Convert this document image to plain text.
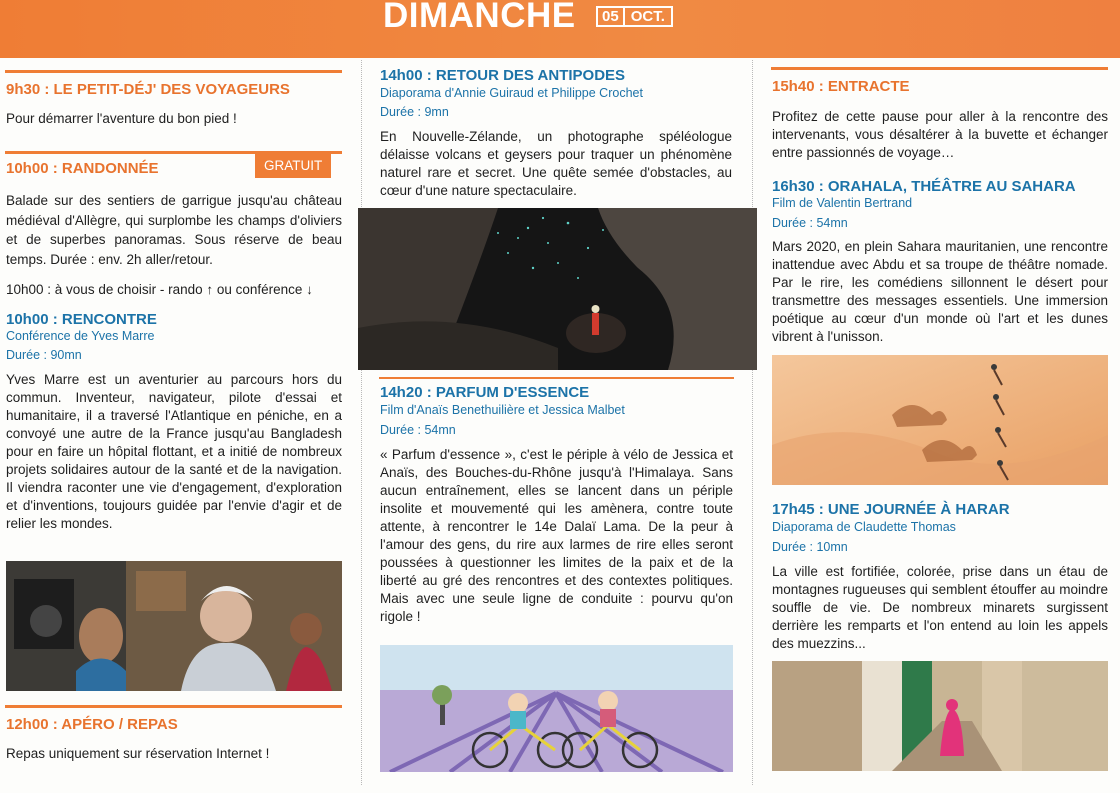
DIMANCHE 05 OCT.
9h30 : LE PETIT-DÉJ' DES VOYAGEURS
Pour démarrer l'aventure du bon pied !
10h00 : RANDONNÉE	GRATUIT
Balade sur des sentiers de garrigue jusqu'au château médiéval d'Allègre, qui surplombe les champs d'oliviers et de superbes panoramas. Sous réserve de beau temps. Durée : env. 2h aller/retour.
10h00 : à vous de choisir - rando ↑ ou conférence ↓
10h00 : RENCONTRE
Conférence de Yves Marre
Durée : 90mn
Yves Marre est un aventurier au parcours hors du commun. Inventeur, navigateur, pilote d'essai et humanitaire, il a traversé l'Atlantique en péniche, en a convoyé une autre de la France jusqu'au Bangladesh pour en faire un hôpital flottant, et a initié de nombreux projets solidaires autour de la santé et de la navigation. Il viendra raconter une vie d'engagement, d'exploration et d'inventions, toujours guidée par l'envie d'agir et de relier les mondes.
12h00 : APÉRO / REPAS
Repas uniquement sur réservation Internet !
14h00 : RETOUR DES ANTIPODES
Diaporama d'Annie Guiraud et Philippe Crochet
Durée : 9mn
En Nouvelle-Zélande, un photographe spéléologue délaisse volcans et geysers pour traquer un phénomène naturel rare et secret. Une quête semée d'obstacles, au cœur d'une nature spectaculaire.
14h20 : PARFUM D'ESSENCE
Film d'Anaïs Benethuilière et Jessica Malbet
Durée : 54mn
« Parfum d'essence », c'est le périple à vélo de Jessica et Anaïs, des Bouches-du-Rhône jusqu'à l'Himalaya. Sans aucun entraînement, elles se lancent dans un périple insolite et mouvementé qui les amènera, contre toute attente, à rencontrer le 14e Dalaï Lama. De la peur à l'amour des gens, du rire aux larmes de rire elles seront poussées à questionner les limites de la paix et de la liberté au gré des rencontres et des contextes politiques. Mais avec une seule ligne de conduite : pourvu qu'on rigole !
15h40 : ENTRACTE
Profitez de cette pause pour aller à la rencontre des intervenants, vous désaltérer à la buvette et échanger entre passionnés de voyage…
16h30 : ORAHALA, THÉÂTRE AU SAHARA
Film de Valentin Bertrand
Durée : 54mn
Mars 2020, en plein Sahara mauritanien, une rencontre inattendue avec Abdu et sa troupe de théâtre nomade. Par le rire, les comédiens sillonnent le désert pour transmettre des messages essentiels. Une immersion poétique au cœur d'un monde où l'art et les dunes vibrent à l'unisson.
17h45 : UNE JOURNÉE À HARAR
Diaporama de Claudette Thomas
Durée : 10mn
La ville est fortifiée, colorée, prise dans un étau de montagnes rugueuses qui semblent étouffer au moindre souffle de vie. De nombreux minarets surgissent derrière les remparts et l'on entend au loin les appels des muezzins...
